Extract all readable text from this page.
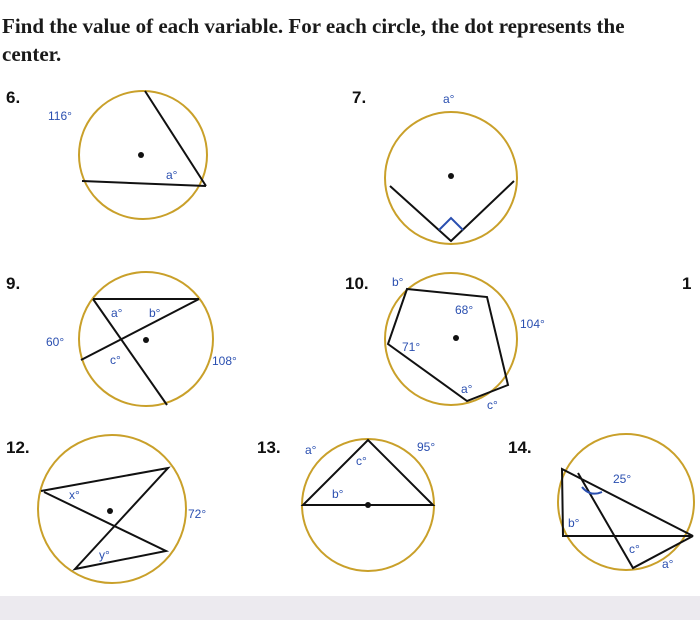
Find the value of each variable. For each circle, the dot represents the center.

6.	7.
9.	10.
12.	13.	14.
1
116°
a°
a°
a° b°
60°
c°	108°
b°
68°
104°
71°
a°
c°
x°
72°
y°
a°
c°
95°
b°
25°
b°
c°
a°
